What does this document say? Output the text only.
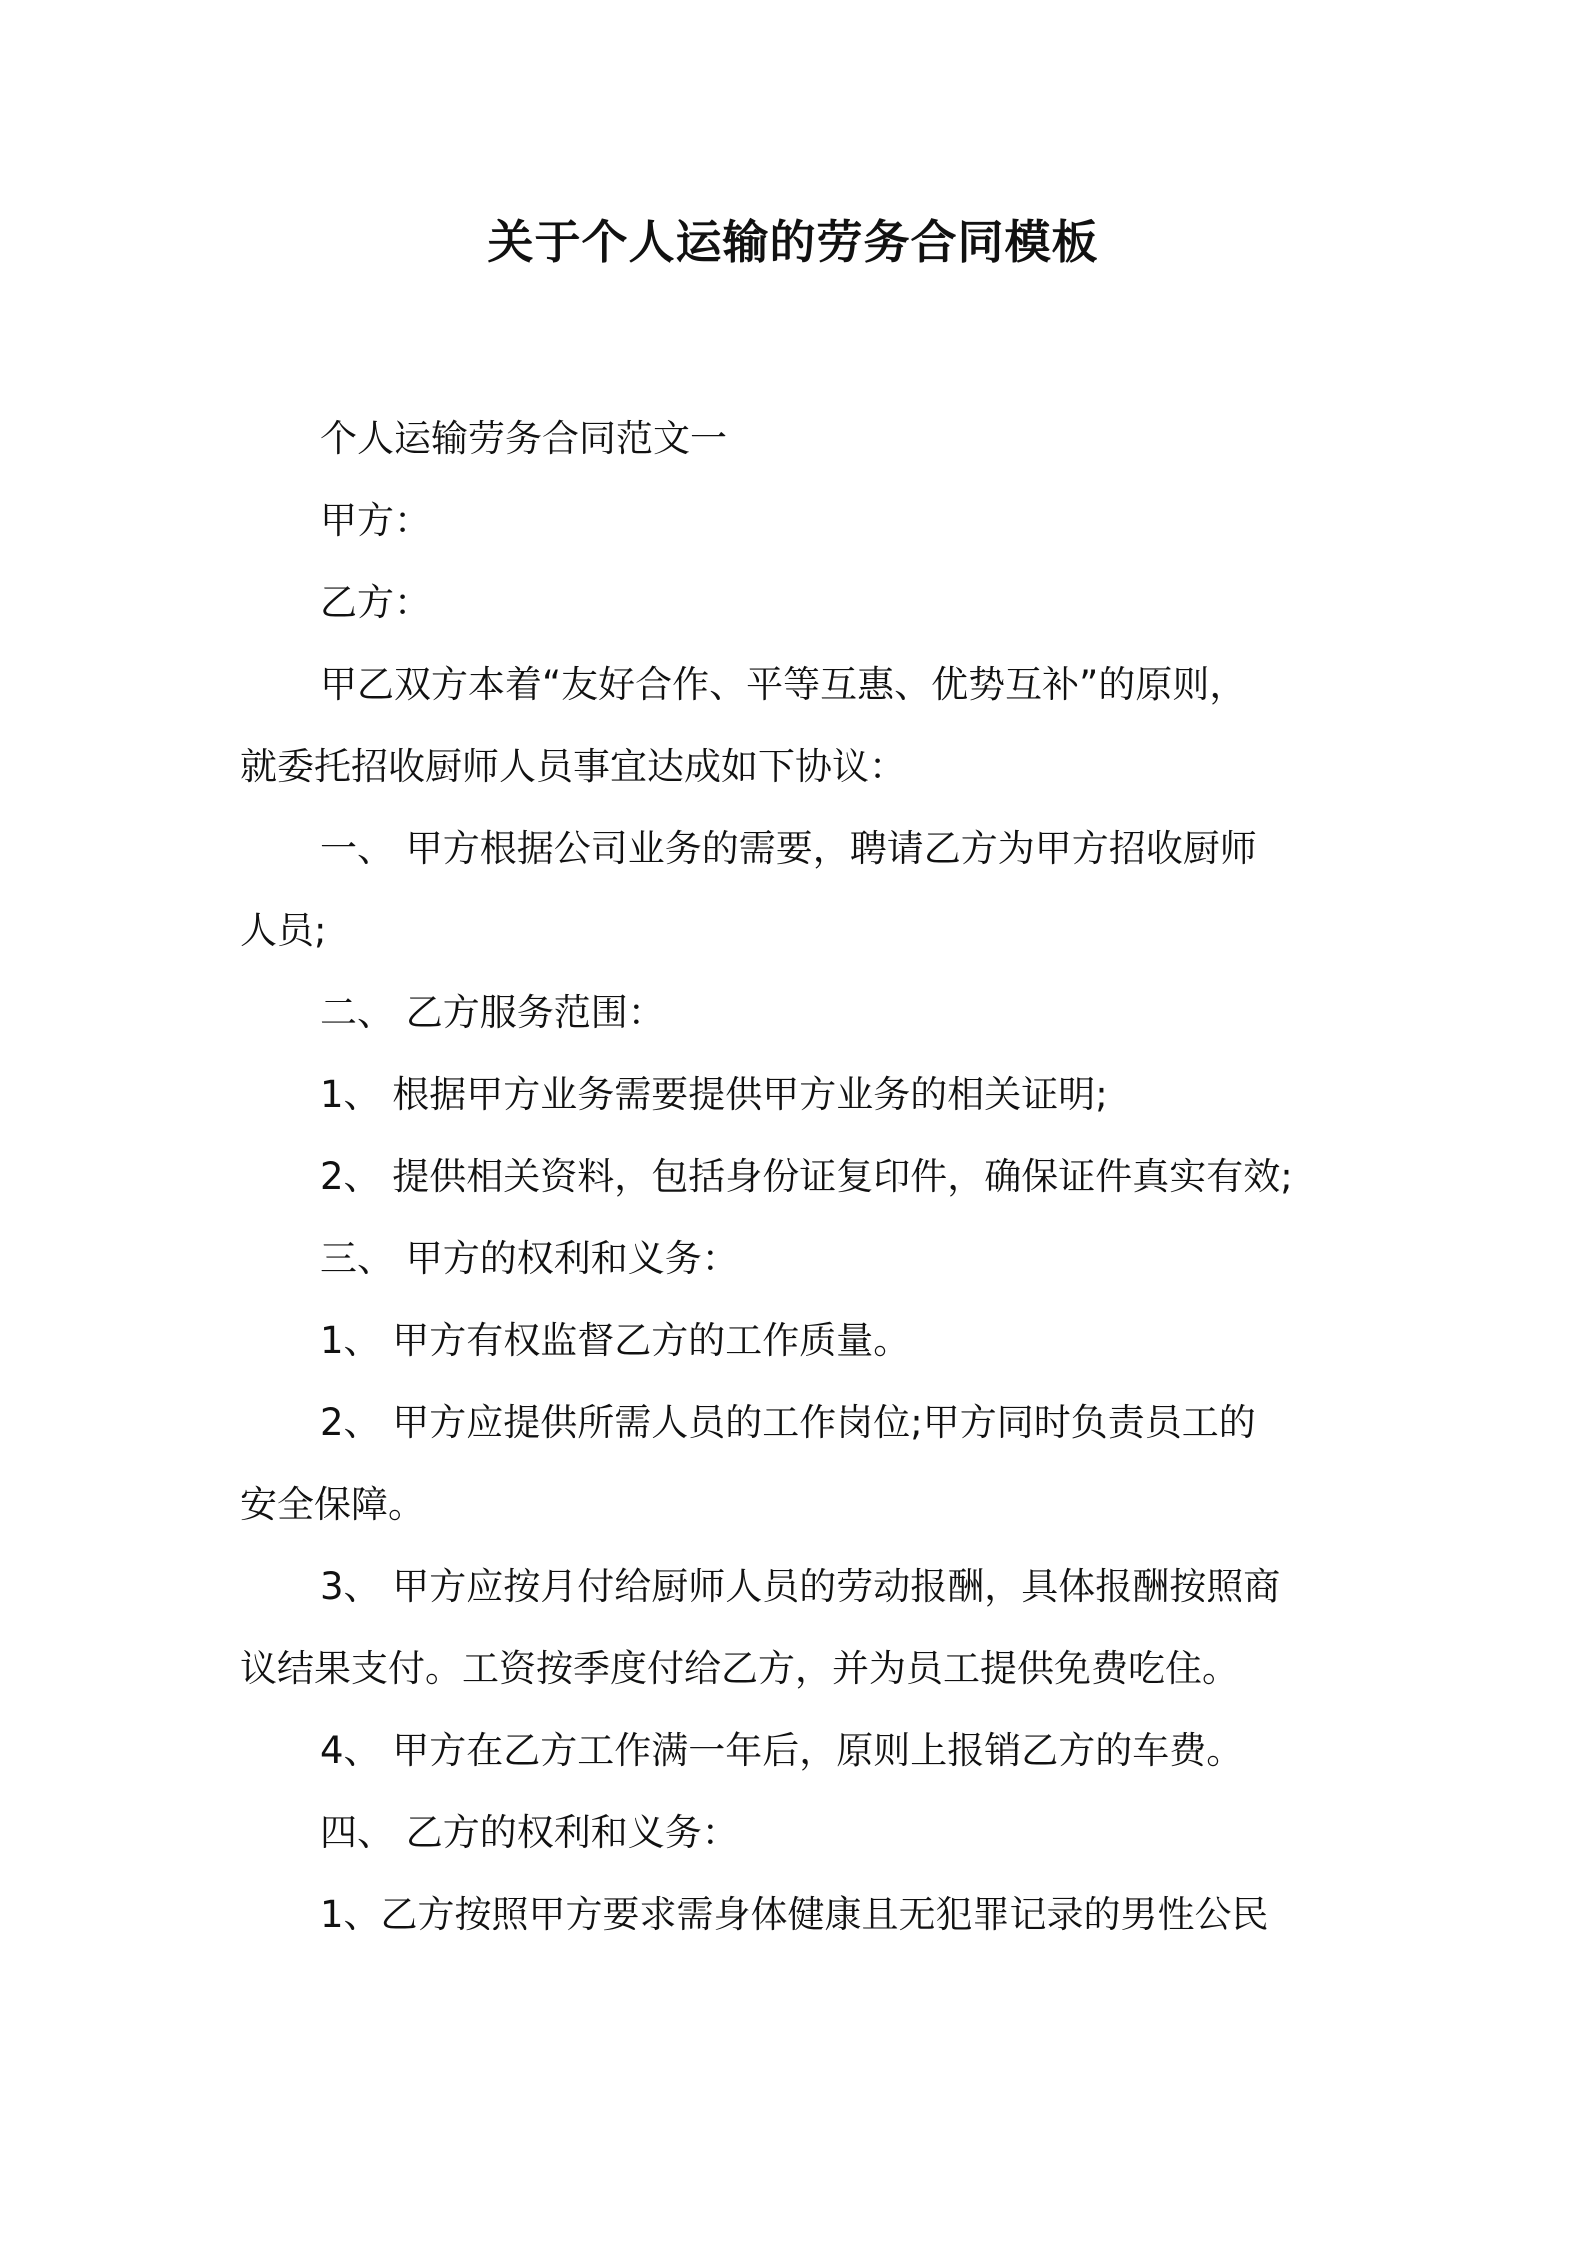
关于个人运输的劳务合同模板
个人运输劳务合同范文一
甲方：
乙方：
甲乙双方本着“友好合作、平等互惠、优势互补”的原则，
就委托招收厨师人员事宜达成如下协议：
一、 甲方根据公司业务的需要，聘请乙方为甲方招收厨师
人员;
二、 乙方服务范围：
1、 根据甲方业务需要提供甲方业务的相关证明;
2、 提供相关资料，包括身份证复印件，确保证件真实有效;
三、 甲方的权利和义务：
1、 甲方有权监督乙方的工作质量。
2、 甲方应提供所需人员的工作岗位;甲方同时负责员工的
安全保障。
3、 甲方应按月付给厨师人员的劳动报酬，具体报酬按照商
议结果支付。工资按季度付给乙方，并为员工提供免费吃住。
4、 甲方在乙方工作满一年后，原则上报销乙方的车费。
四、 乙方的权利和义务：
1、乙方按照甲方要求需身体健康且无犯罪记录的男性公民
